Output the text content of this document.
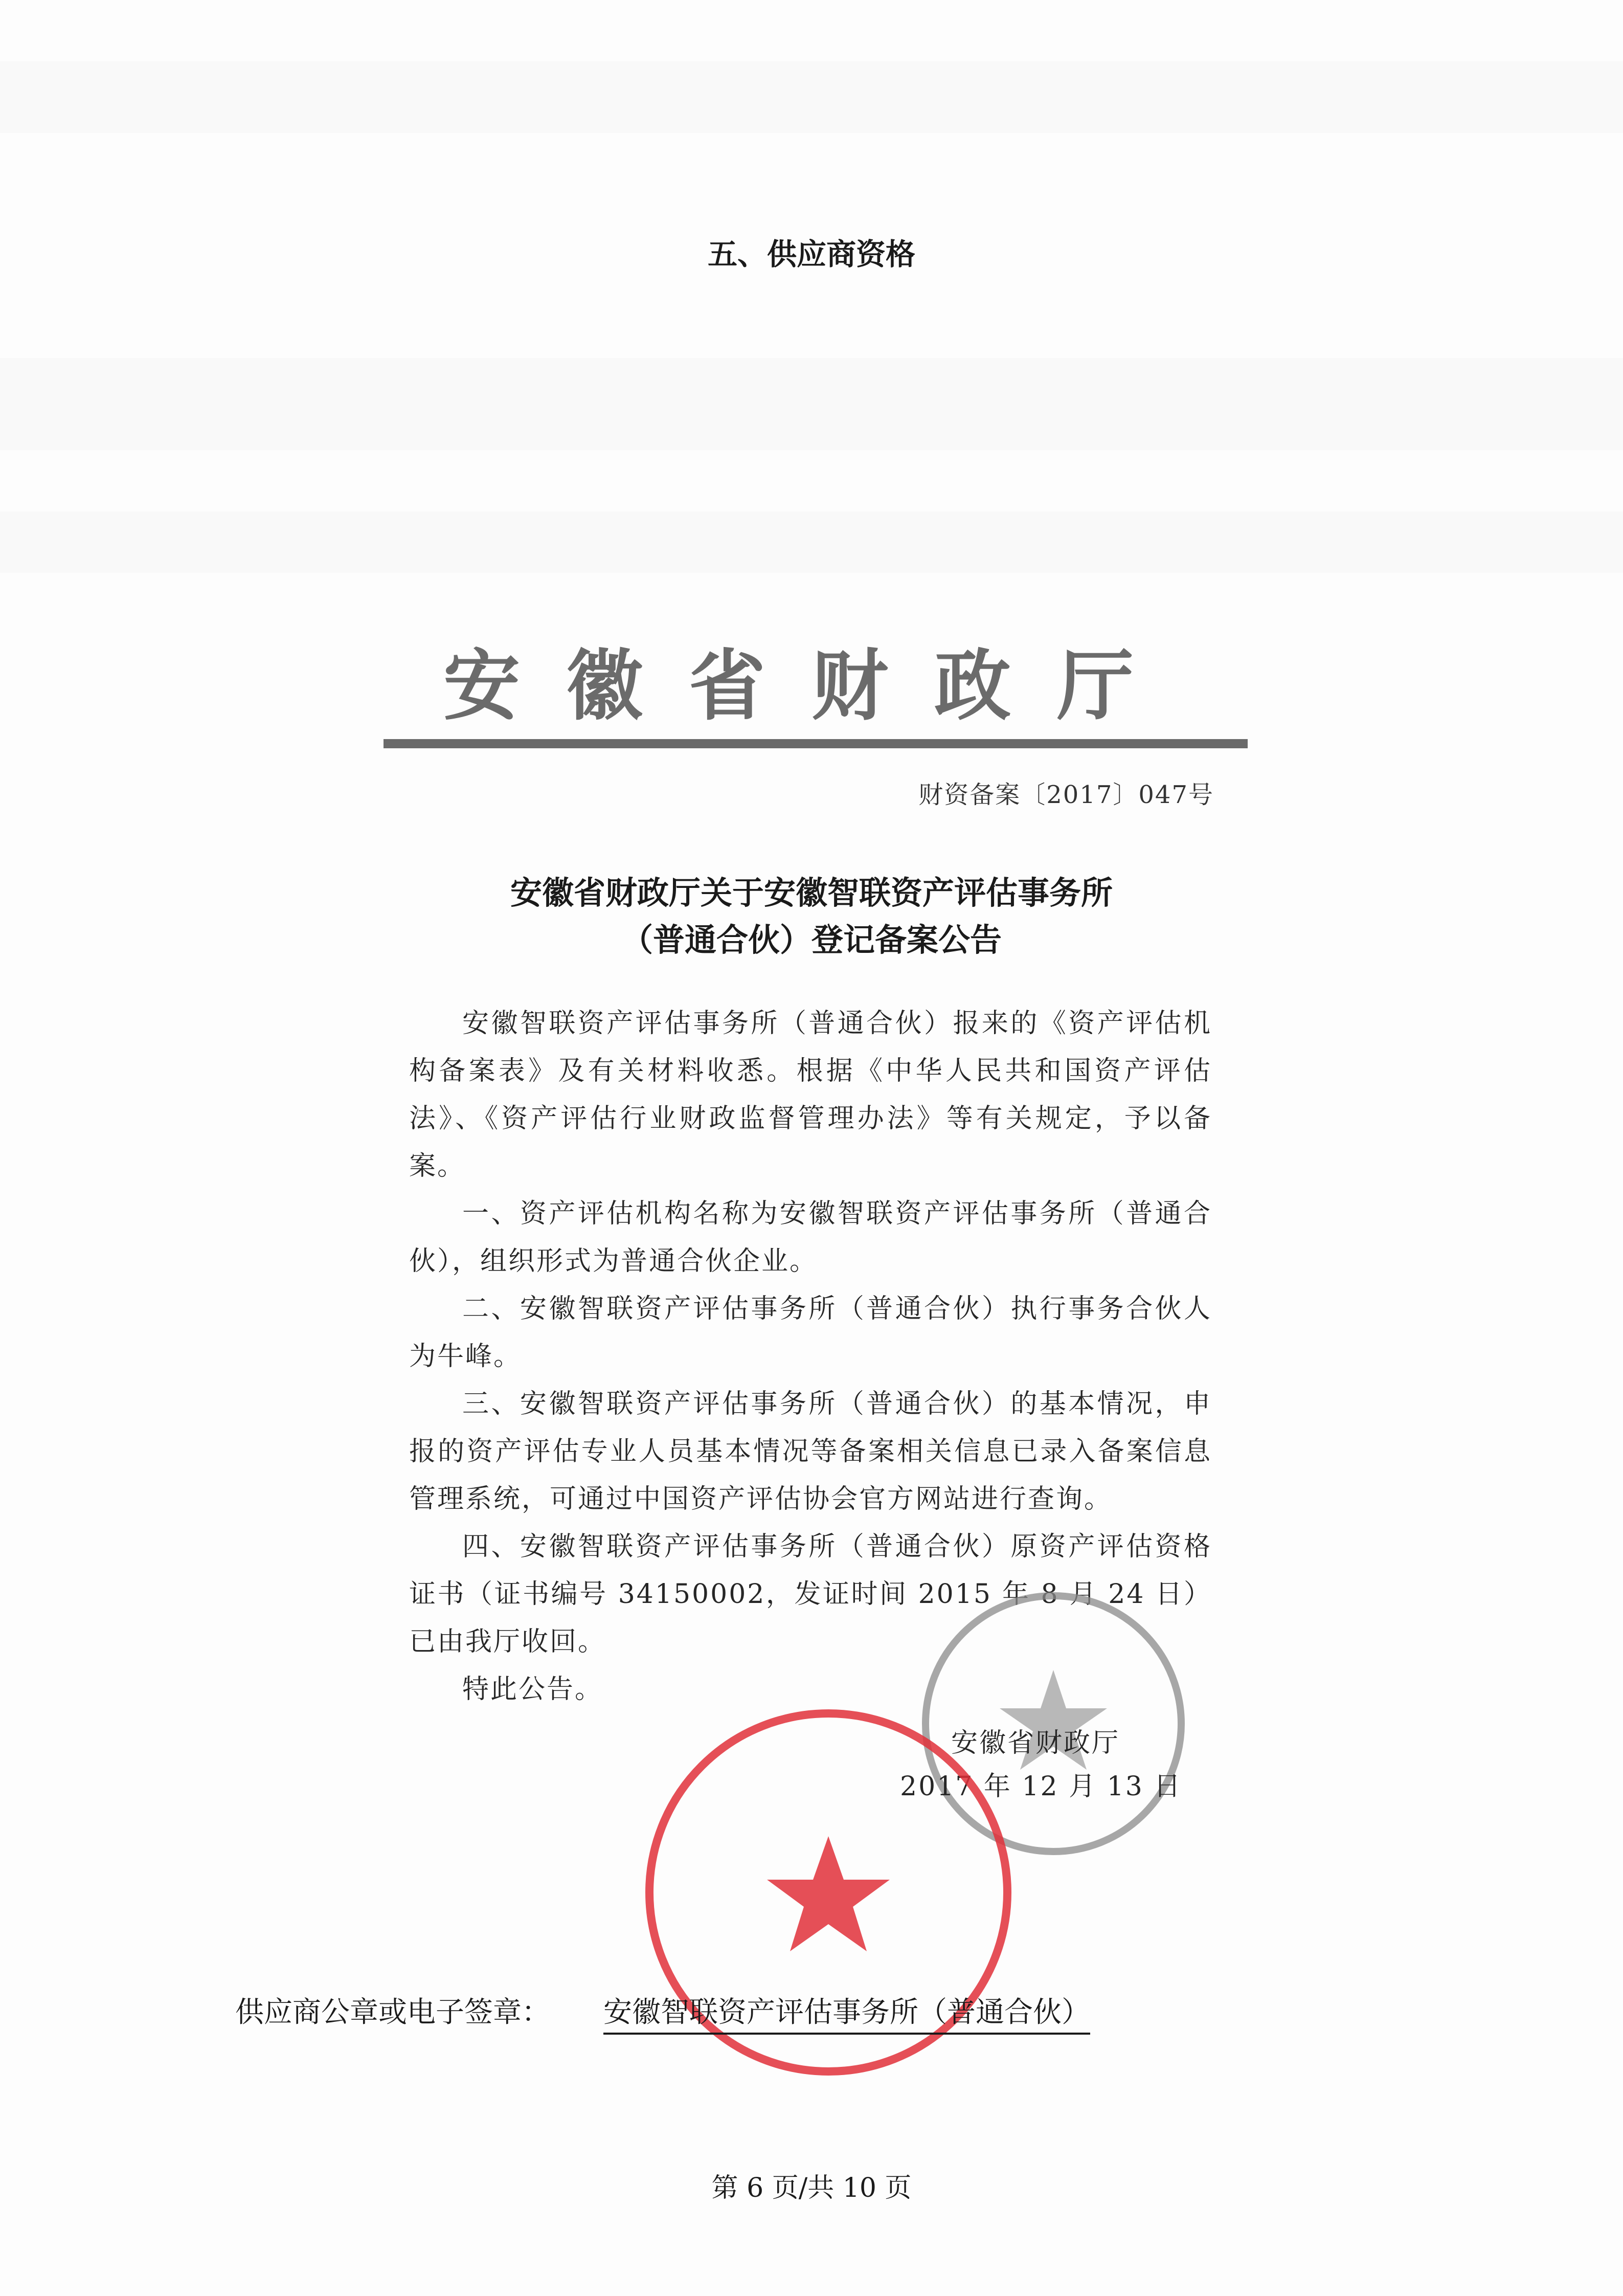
五、供应商资格
安徽省财政厅
财资备案〔2017〕047号
安徽省财政厅关于安徽智联资产评估事务所
（普通合伙）登记备案公告

安徽智联资产评估事务所（普通合伙）报来的《资产评估机构备案表》及有关材料收悉。根据《中华人民共和国资产评估法》、《资产评估行业财政监督管理办法》等有关规定，予以备案。

一、资产评估机构名称为安徽智联资产评估事务所（普通合伙），组织形式为普通合伙企业。

二、安徽智联资产评估事务所（普通合伙）执行事务合伙人为牛峰。

三、安徽智联资产评估事务所（普通合伙）的基本情况，申报的资产评估专业人员基本情况等备案相关信息已录入备案信息管理系统，可通过中国资产评估协会官方网站进行查询。

四、安徽智联资产评估事务所（普通合伙）原资产评估资格证书（证书编号 34150002，发证时间 2015 年 8 月 24 日）已由我厅收回。

特此公告。

安徽省财政厅
2017 年 12 月 13 日
供应商公章或电子签章： 安徽智联资产评估事务所（普通合伙）
第 6 页/共 10 页
